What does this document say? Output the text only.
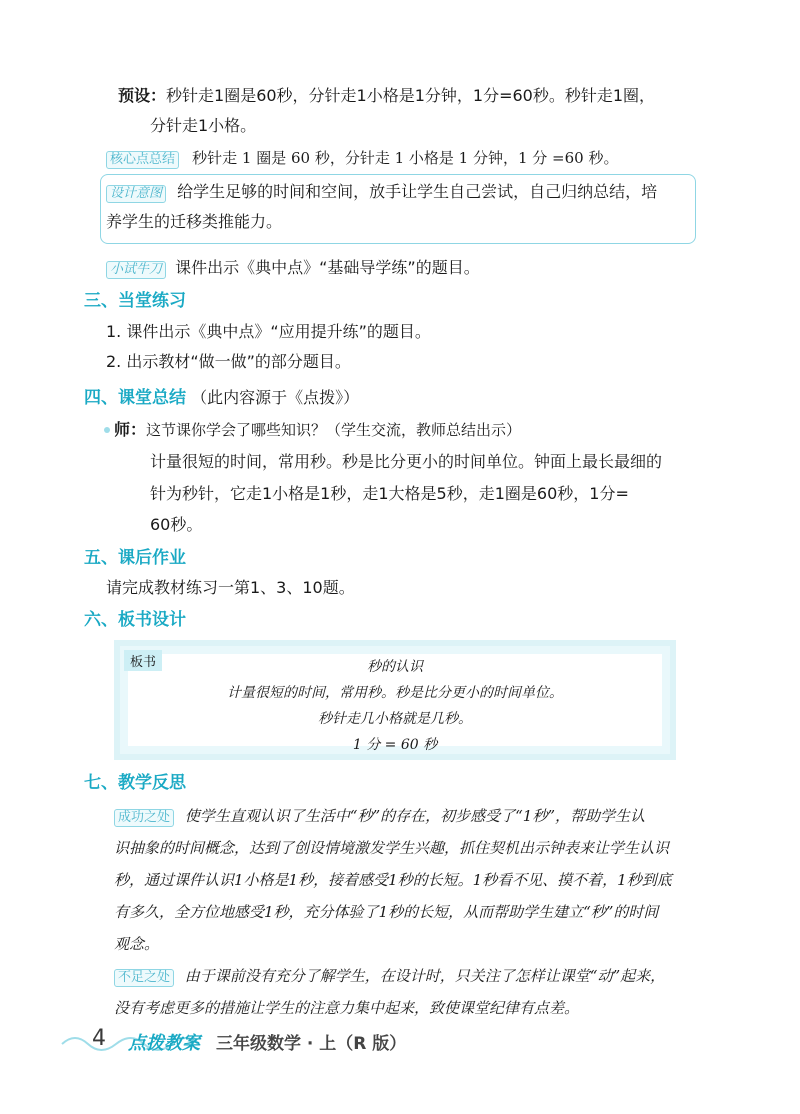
预设：秒针走1圈是60秒，分针走1小格是1分钟，1分=60秒。秒针走1圈，
分针走1小格。
核心点总结 秒针走 1 圈是 60 秒，分针走 1 小格是 1 分钟，1 分 =60 秒。
设计意图 给学生足够的时间和空间，放手让学生自己尝试，自己归纳总结，培
养学生的迁移类推能力。
小试牛刀 课件出示《典中点》“基础导学练”的题目。
三、当堂练习
1. 课件出示《典中点》“应用提升练”的题目。
2. 出示教材“做一做”的部分题目。
四、课堂总结 （此内容源于《点拨》）
师：这节课你学会了哪些知识？（学生交流，教师总结出示）
计量很短的时间，常用秒。秒是比分更小的时间单位。钟面上最长最细的
针为秒针，它走1小格是1秒，走1大格是5秒，走1圈是60秒，1分=
60秒。
五、课后作业
请完成教材练习一第1、3、10题。
六、板书设计
板书	秒的认识
计量很短的时间，常用秒。秒是比分更小的时间单位。
秒针走几小格就是几秒。
1 分 = 60 秒
七、教学反思
成功之处 使学生直观认识了生活中“秒”的存在，初步感受了“1秒”，帮助学生认
识抽象的时间概念，达到了创设情境激发学生兴趣，抓住契机出示钟表来让学生认识
秒，通过课件认识1小格是1秒，接着感受1秒的长短。1秒看不见、摸不着，1秒到底
有多久，全方位地感受1秒，充分体验了1秒的长短，从而帮助学生建立“秒”的时间
观念。
不足之处 由于课前没有充分了解学生，在设计时，只关注了怎样让课堂“动”起来，
没有考虑更多的措施让学生的注意力集中起来，致使课堂纪律有点差。
4 点拨教案 三年级数学 · 上（R 版）
